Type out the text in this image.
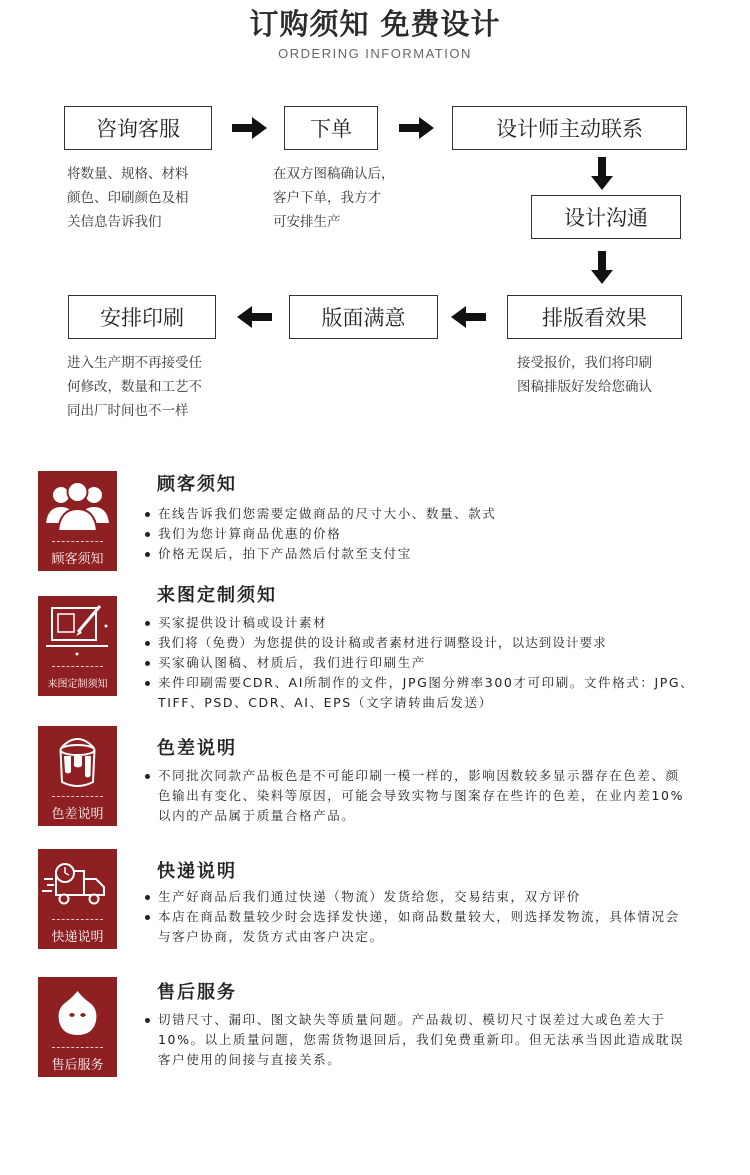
订购须知 免费设计
ORDERING INFORMATION
咨询客服	下单	设计师主动联系
将数量、规格、材料
颜色、印刷颜色及相
关信息告诉我们
在双方图稿确认后，
客户下单，我方才
可安排生产	设计沟通
安排印刷	版面满意	排版看效果
进入生产期不再接受任
何修改，数量和工艺不
同出厂时间也不一样
接受报价，我们将印刷
图稿排版好发给您确认
顾客须知
顾客须知
在线告诉我们您需要定做商品的尺寸大小、数量、款式
我们为您计算商品优惠的价格
价格无误后，拍下产品然后付款至支付宝
来图定制须知
来图定制须知
买家提供设计稿或设计素材
我们将（免费）为您提供的设计稿或者素材进行调整设计，以达到设计要求
买家确认图稿、材质后，我们进行印刷生产
来件印刷需要CDR、AI所制作的文件，JPG图分辨率300才可印刷。文件格式：JPG、TIFF、PSD、CDR、AI、EPS（文字请转曲后发送）
色差说明
色差说明
不同批次同款产品板色是不可能印刷一模一样的，影响因数较多显示器存在色差、颜色输出有变化、染料等原因，可能会导致实物与图案存在些许的色差，在业内差10%以内的产品属于质量合格产品。
快递说明
快递说明
生产好商品后我们通过快递（物流）发货给您，交易结束，双方评价
本店在商品数量较少时会选择发快递，如商品数量较大，则选择发物流，具体情况会与客户协商，发货方式由客户决定。
售后服务
售后服务
切错尺寸、漏印、图文缺失等质量问题。产品裁切、模切尺寸误差过大或色差大于10%。以上质量问题，您需货物退回后，我们免费重新印。但无法承当因此造成耽误客户使用的间接与直接关系。
